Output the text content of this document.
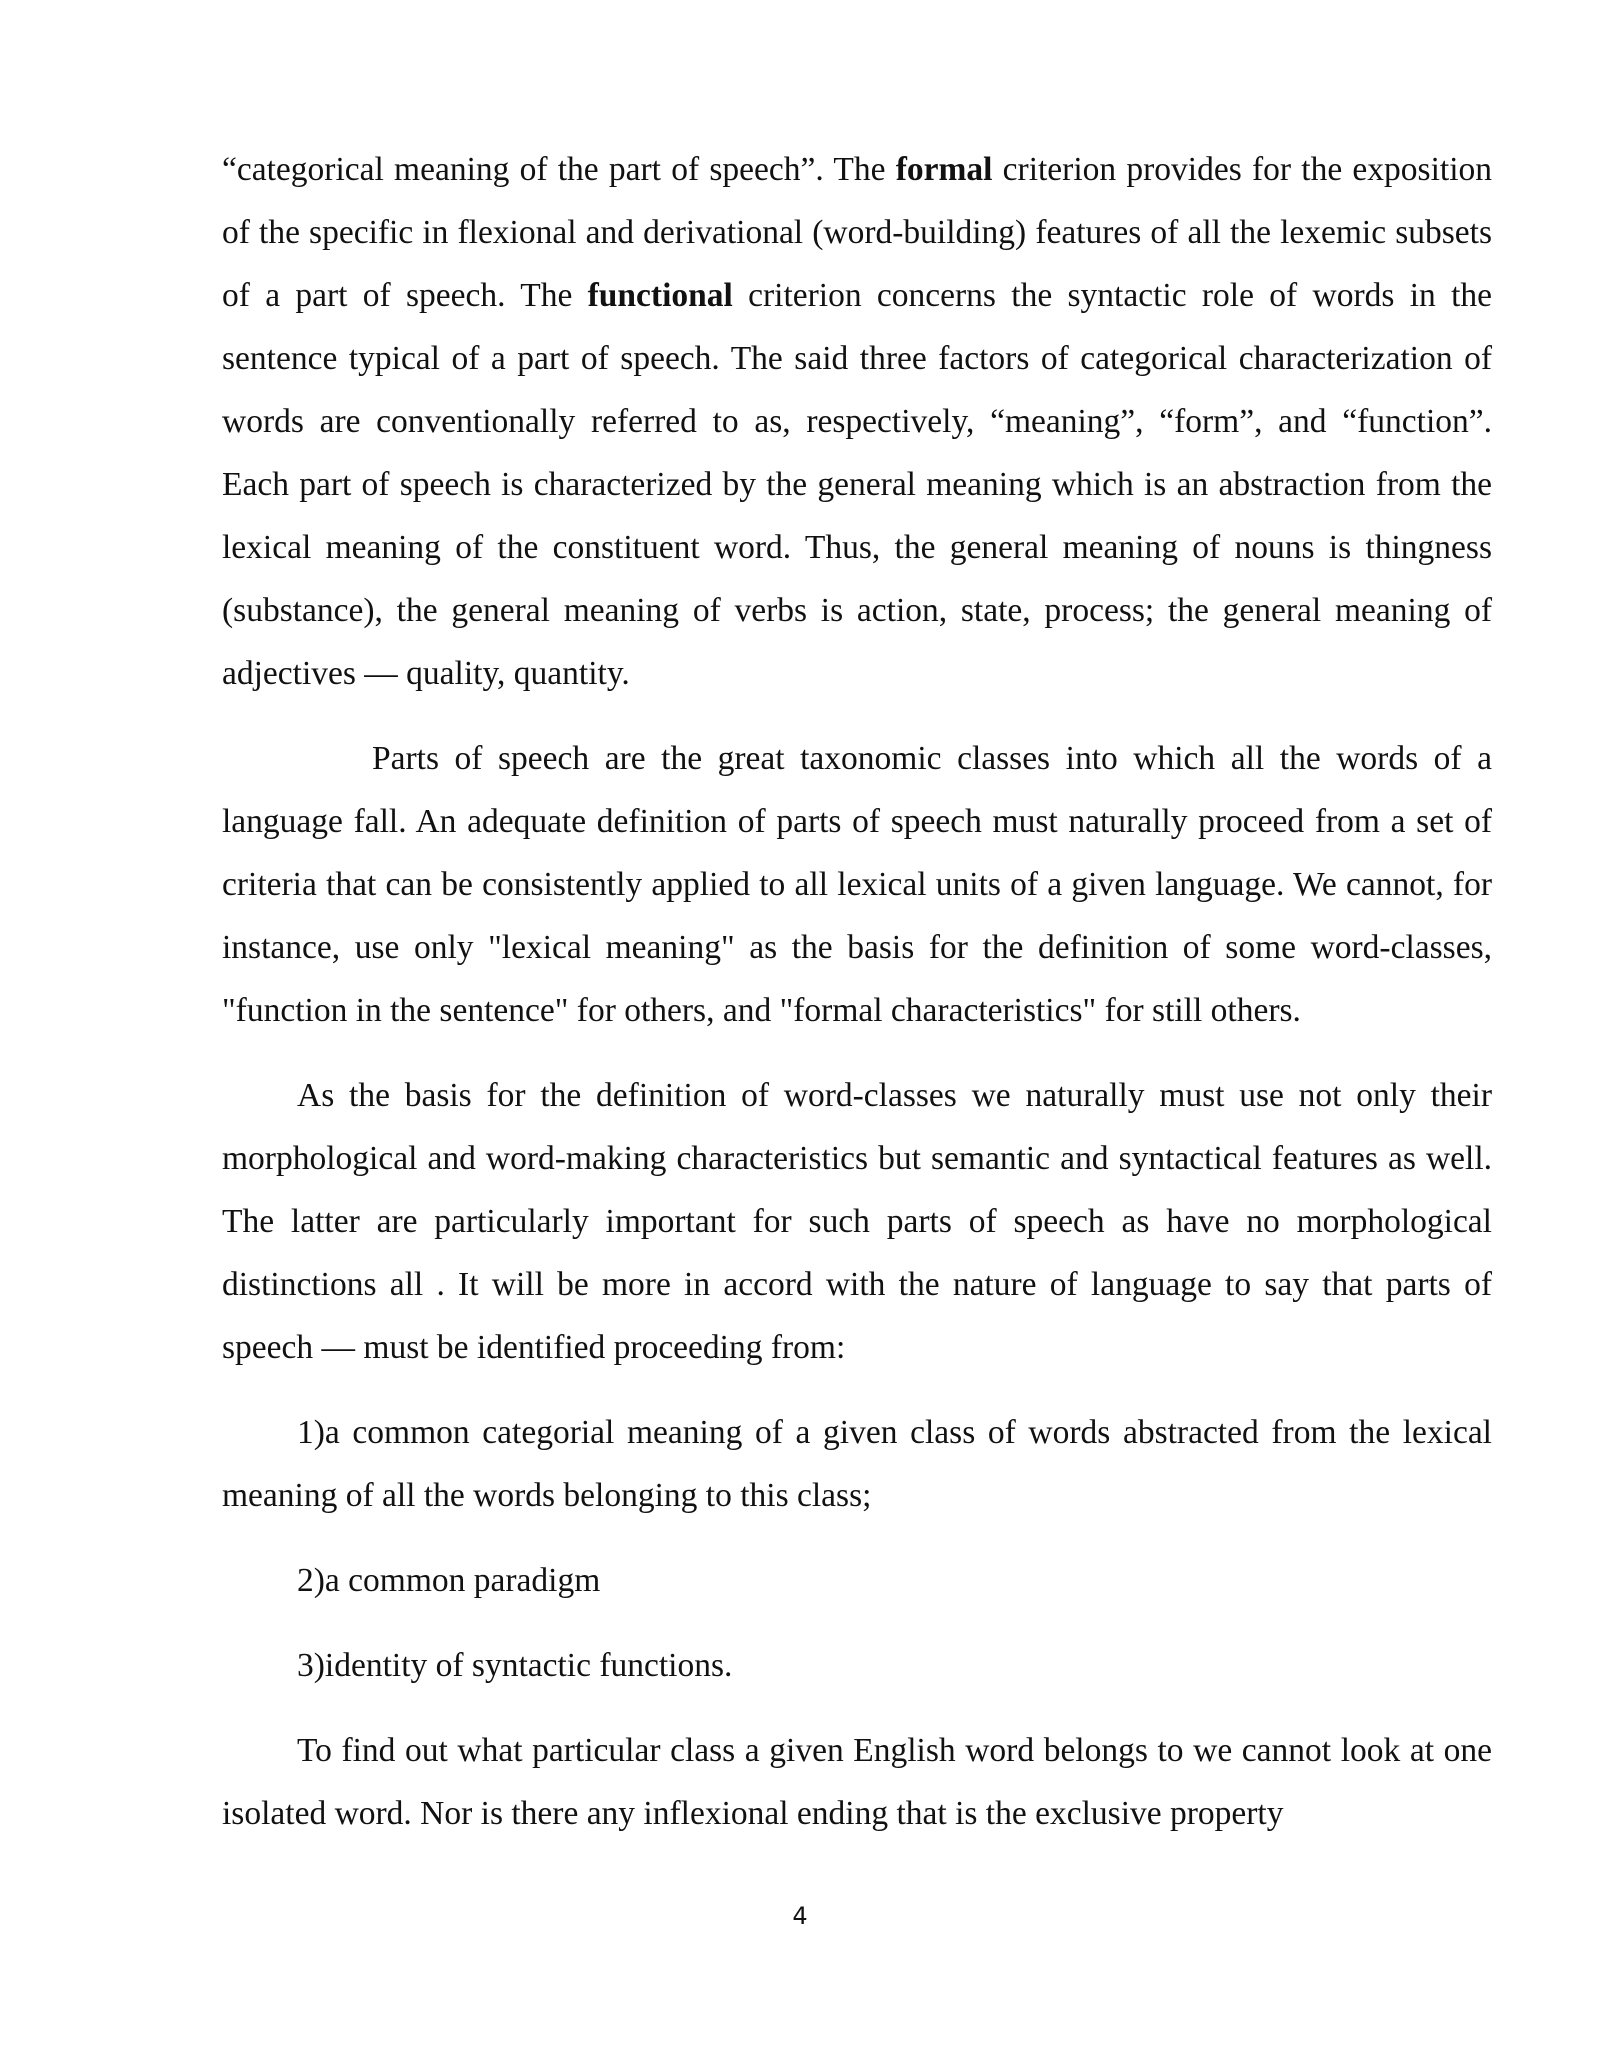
“categorical meaning of the part of speech”. The formal criterion provides for the exposition of the specific in flexional and derivational (word-building) features of all the lexemic subsets of a part of speech. The functional criterion concerns the syntactic role of words in the sentence typical of a part of speech. The said three factors of categorical characterization of words are conventionally referred to as, respectively, “meaning”, “form”, and “function”. Each part of speech is characterized by the general meaning which is an abstraction from the lexical meaning of the constituent word. Thus, the general meaning of nouns is thingness (substance), the general meaning of verbs is action, state, process; the general meaning of adjectives — quality, quantity.

Parts of speech are the great taxonomic classes into which all the words of a language fall. An adequate definition of parts of speech must naturally proceed from a set of criteria that can be consistently applied to all lexical units of a given language. We cannot, for instance, use only "lexical meaning" as the basis for the definition of some word-classes, "function in the sentence" for others, and "formal characteristics" for still others.

As the basis for the definition of word-classes we naturally must use not only their morphological and word-making characteristics but semantic and syntactical features as well. The latter are particularly important for such parts of speech as have no morphological distinctions all . It will be more in accord with the nature of language to say that parts of speech — must be identified proceeding from:

1)a common categorial meaning of a given class of words abstracted from the lexical meaning of all the words belonging to this class;

2)a common paradigm

3)identity of syntactic functions.

To find out what particular class a given English word belongs to we cannot look at one isolated word. Nor is there any inflexional ending that is the exclusive property

4
